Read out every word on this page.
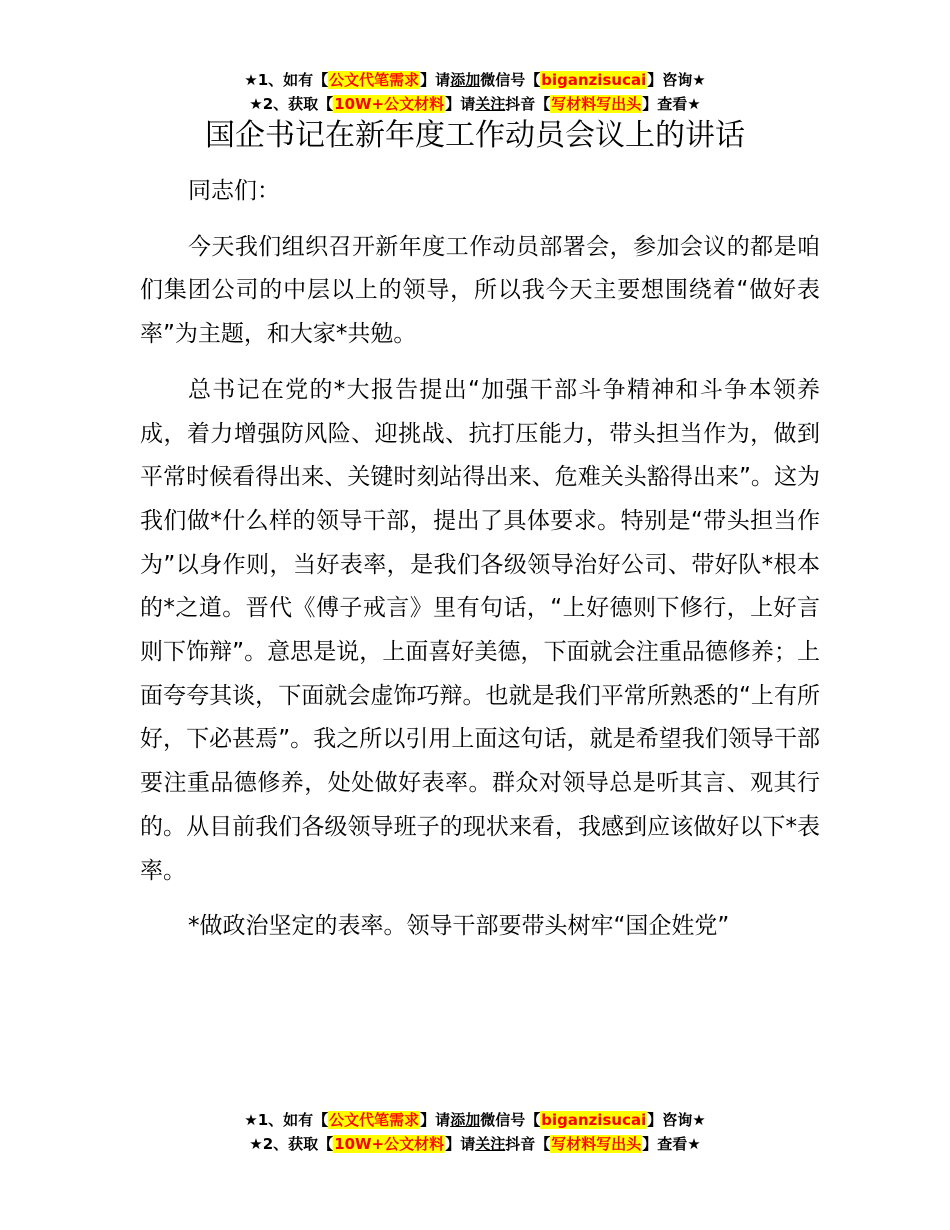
★1、如有【公文代笔需求】请添加微信号【biganzisucai】咨询★
★2、获取【10W+公文材料】请关注抖音【写材料写出头】查看★
国企书记在新年度工作动员会议上的讲话

同志们：

今天我们组织召开新年度工作动员部署会，参加会议的都是咱们集团公司的中层以上的领导，所以我今天主要想围绕着“做好表率”为主题，和大家*共勉。

总书记在党的*大报告提出“加强干部斗争精神和斗争本领养成，着力增强防风险、迎挑战、抗打压能力，带头担当作为，做到平常时候看得出来、关键时刻站得出来、危难关头豁得出来”。这为我们做*什么样的领导干部，提出了具体要求。特别是“带头担当作为”以身作则，当好表率，是我们各级领导治好公司、带好队*根本的*之道。晋代《傅子戒言》里有句话，“上好德则下修行，上好言则下饰辩”。意思是说，上面喜好美德，下面就会注重品德修养；上面夸夸其谈，下面就会虚饰巧辩。也就是我们平常所熟悉的“上有所好，下必甚焉”。我之所以引用上面这句话，就是希望我们领导干部要注重品德修养，处处做好表率。群众对领导总是听其言、观其行的。从目前我们各级领导班子的现状来看，我感到应该做好以下*表率。

*做政治坚定的表率。领导干部要带头树牢“国企姓党”

★1、如有【公文代笔需求】请添加微信号【biganzisucai】咨询★
★2、获取【10W+公文材料】请关注抖音【写材料写出头】查看★
